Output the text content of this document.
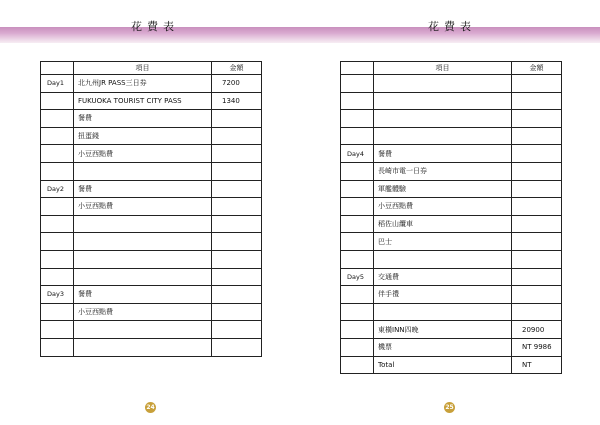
花費表	花費表
	項目	金額
Day1	北九州JR PASS三日券	7200
	FUKUOKA TOURIST CITY PASS	1340
	餐費	
	扭蛋錢	
	小豆西點費	

Day2	餐費	
	小豆西點費	

Day3	餐費	
	小豆西點費	

	項目	金額

Day4	餐費	
	長崎市電一日券	
	軍艦體驗	
	小豆西點費	
	稻佐山纜車	
	巴士	

Day5	交通費	
	伴手禮	

	東橫INN四晚	20900
	機票	NT 9986
	Total	NT
24	25
